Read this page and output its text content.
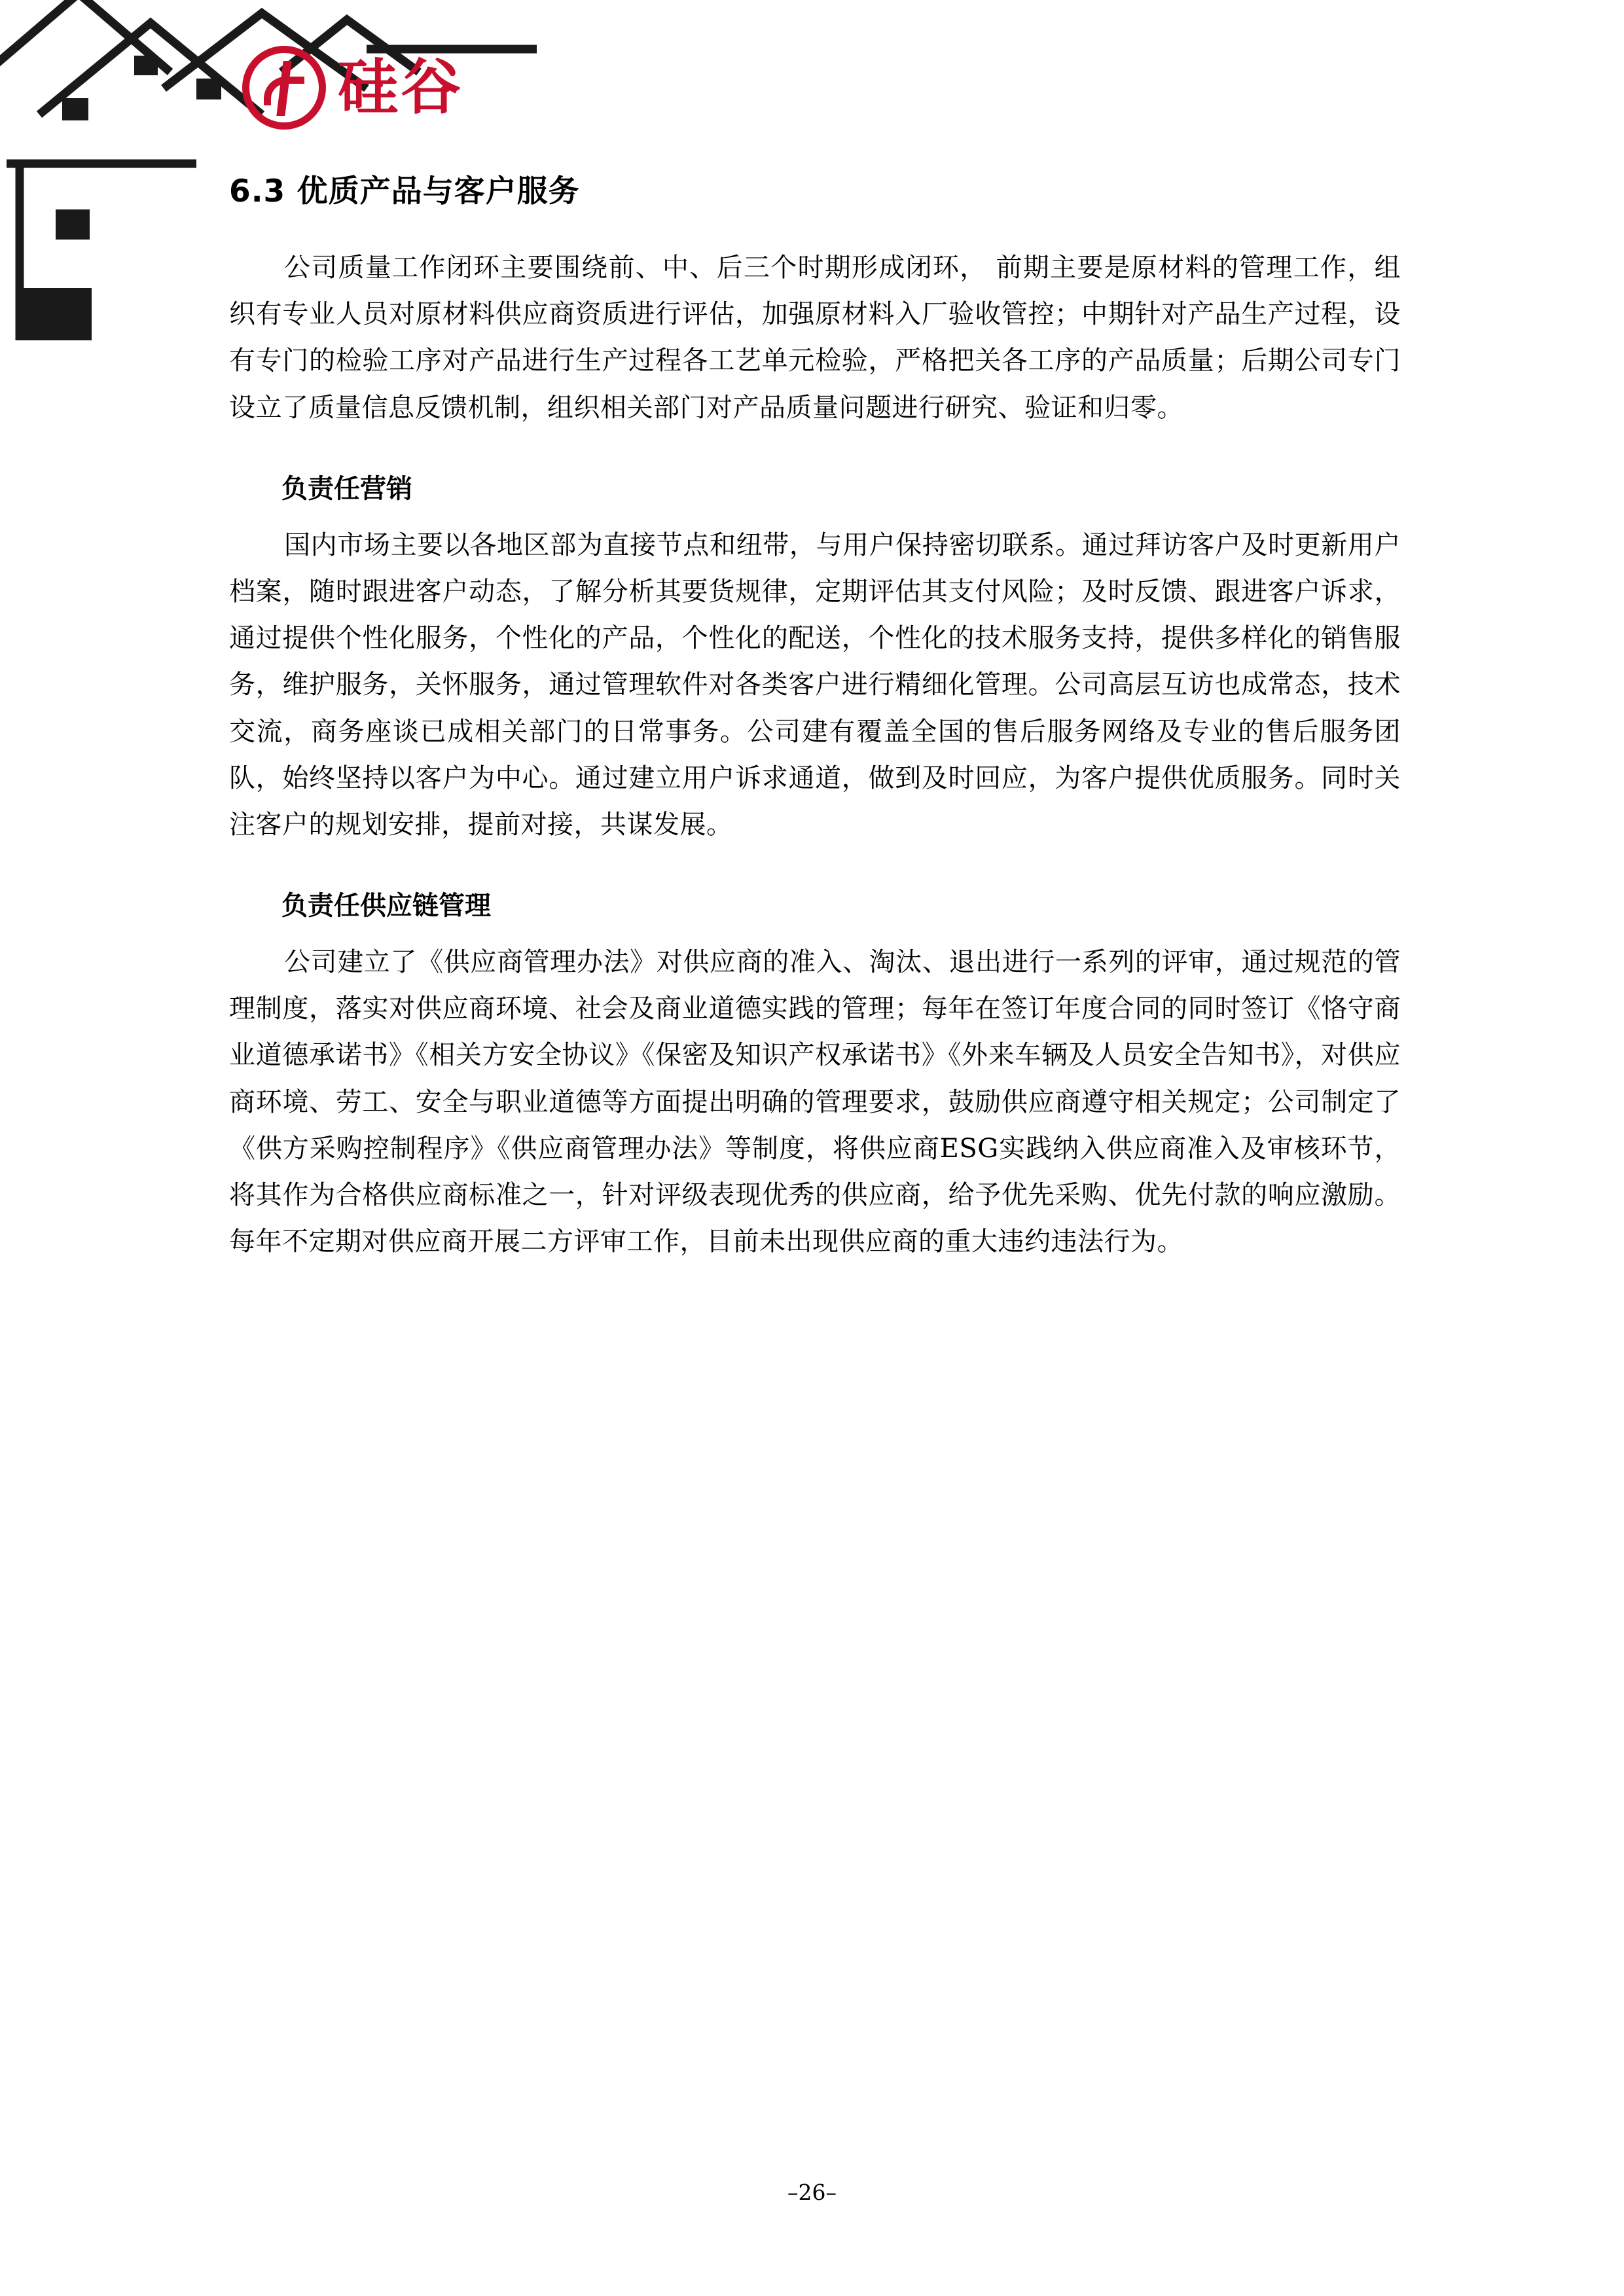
硅谷
6.3 优质产品与客户服务

公司质量工作闭环主要围绕前、中、后三个时期形成闭环， 前期主要是原材料的管理工作，组织有专业人员对原材料供应商资质进行评估，加强原材料入厂验收管控；中期针对产品生产过程，设有专门的检验工序对产品进行生产过程各工艺单元检验，严格把关各工序的产品质量；后期公司专门设立了质量信息反馈机制，组织相关部门对产品质量问题进行研究、验证和归零。

负责任营销

国内市场主要以各地区部为直接节点和纽带，与用户保持密切联系。通过拜访客户及时更新用户档案，随时跟进客户动态，了解分析其要货规律，定期评估其支付风险；及时反馈、跟进客户诉求，通过提供个性化服务，个性化的产品，个性化的配送，个性化的技术服务支持，提供多样化的销售服务，维护服务，关怀服务，通过管理软件对各类客户进行精细化管理。公司高层互访也成常态，技术交流，商务座谈已成相关部门的日常事务。公司建有覆盖全国的售后服务网络及专业的售后服务团队，始终坚持以客户为中心。通过建立用户诉求通道，做到及时回应，为客户提供优质服务。同时关注客户的规划安排，提前对接，共谋发展。

负责任供应链管理

公司建立了《供应商管理办法》对供应商的准入、淘汰、退出进行一系列的评审，通过规范的管理制度，落实对供应商环境、社会及商业道德实践的管理；每年在签订年度合同的同时签订《恪守商业道德承诺书》《相关方安全协议》《保密及知识产权承诺书》《外来车辆及人员安全告知书》，对供应商环境、劳工、安全与职业道德等方面提出明确的管理要求，鼓励供应商遵守相关规定；公司制定了《供方采购控制程序》《供应商管理办法》等制度，将供应商ESG实践纳入供应商准入及审核环节，将其作为合格供应商标准之一，针对评级表现优秀的供应商，给予优先采购、优先付款的响应激励。每年不定期对供应商开展二方评审工作，目前未出现供应商的重大违约违法行为。

–26–
